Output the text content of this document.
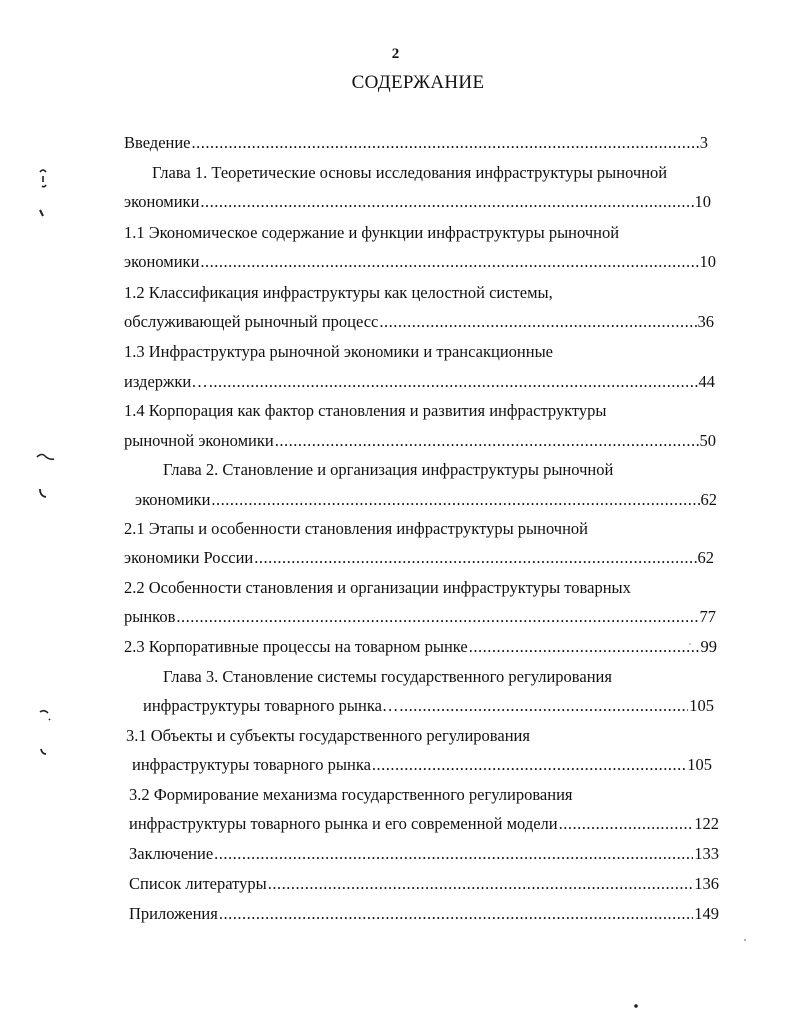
2
СОДЕРЖАНИЕ
Введение .....	3
Глава 1. Теоретические основы исследования инфраструктуры рыночной
экономики .....	10
1.1 Экономическое содержание и функции инфраструктуры рыночной
экономики .....	10
1.2 Классификация инфраструктуры как целостной системы,
обслуживающей рыночный процесс .....	36
1.3 Инфраструктура рыночной экономики и трансакционные
издержки… .....	44
1.4 Корпорация как фактор становления и развития инфраструктуры
рыночной экономики .....	50
Глава 2. Становление и организация инфраструктуры рыночной
экономики .....	62
2.1 Этапы и особенности становления инфраструктуры рыночной
экономики России .....	62
2.2 Особенности становления и организации инфраструктуры товарных
рынков .....	77
2.3 Корпоративные процессы на товарном рынке .....	99
Глава 3. Становление системы государственного регулирования
инфраструктуры товарного рынка… .....	105
3.1 Объекты и субъекты государственного регулирования
инфраструктуры товарного рынка .....	105
3.2 Формирование механизма государственного регулирования
инфраструктуры товарного рынка и его современной модели .....	122
Заключение .....	133
Список литературы .....	136
Приложения .....	149
